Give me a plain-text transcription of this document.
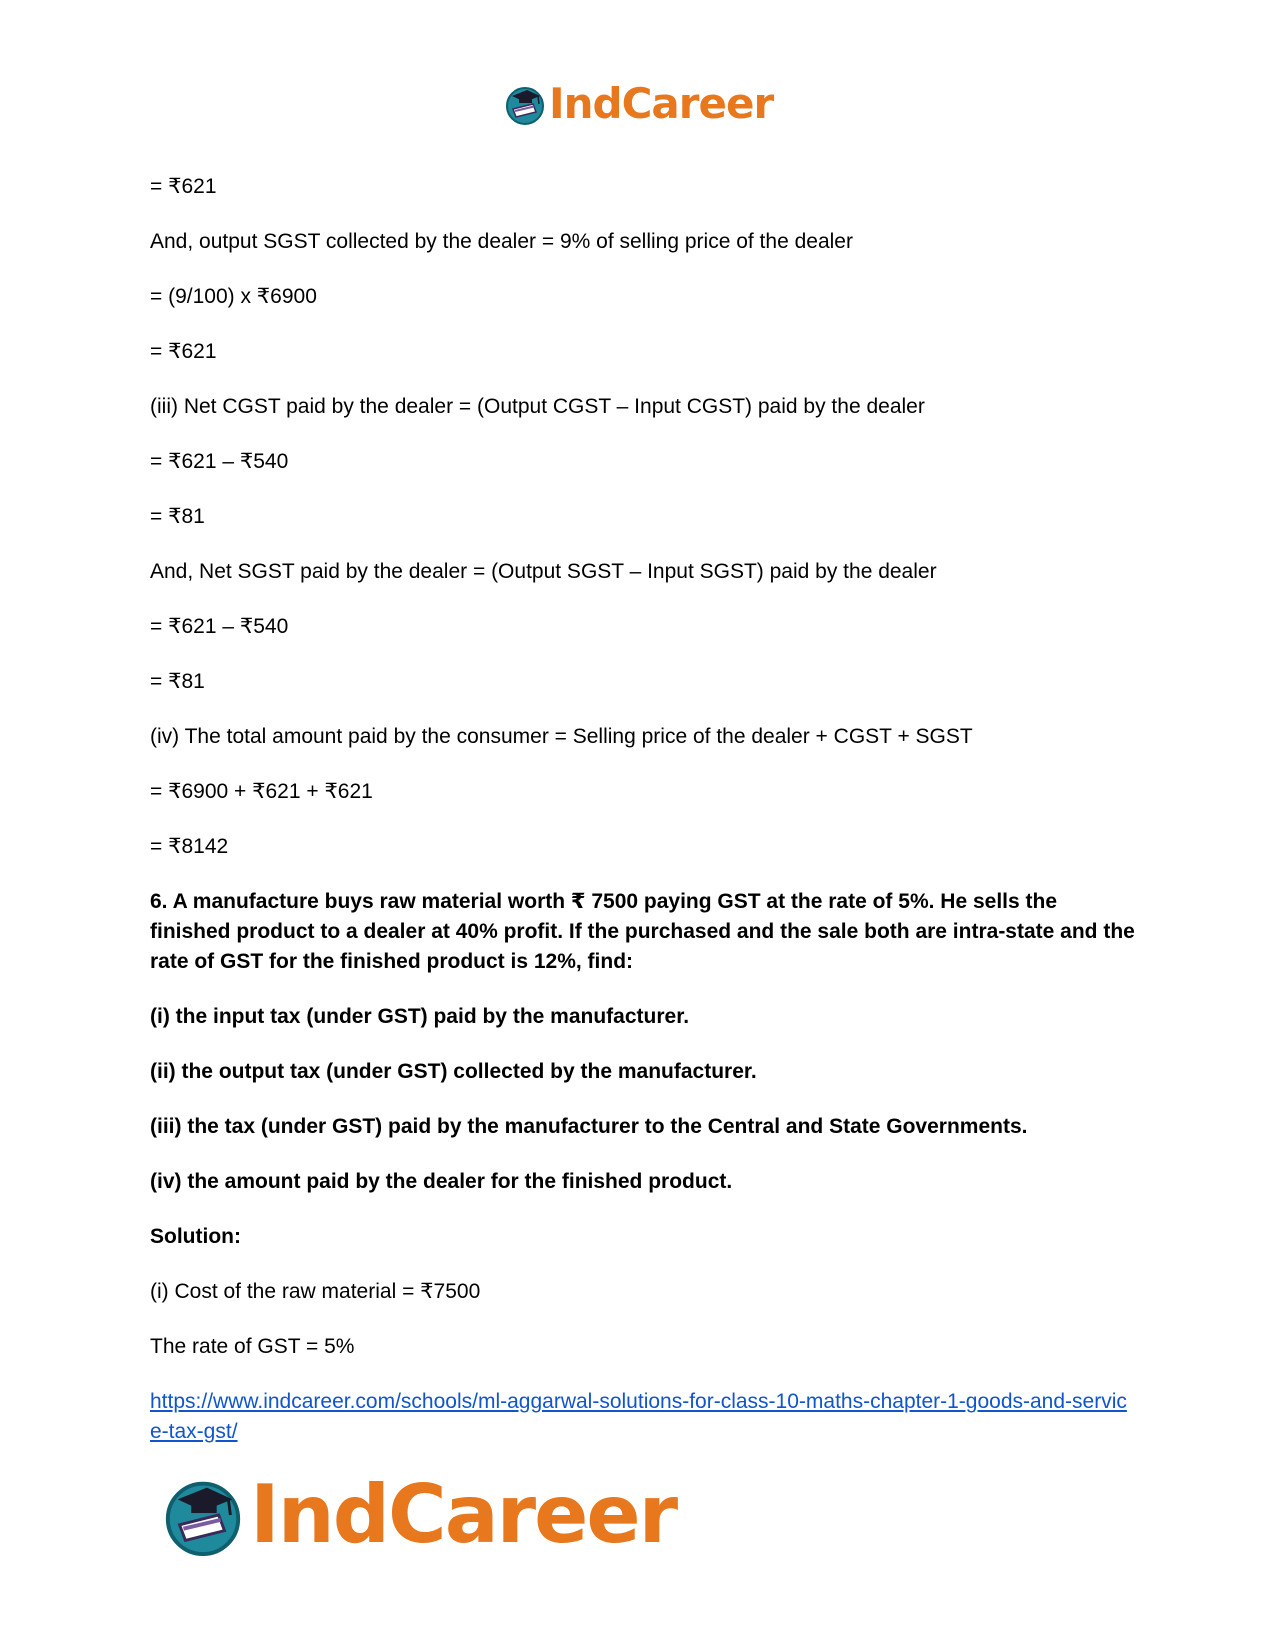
IndCareer

= ₹621

And, output SGST collected by the dealer = 9% of selling price of the dealer

= (9/100) x ₹6900

= ₹621

(iii) Net CGST paid by the dealer = (Output CGST – Input CGST) paid by the dealer

= ₹621 – ₹540

= ₹81

And, Net SGST paid by the dealer = (Output SGST – Input SGST) paid by the dealer

= ₹621 – ₹540

= ₹81

(iv) The total amount paid by the consumer = Selling price of the dealer + CGST + SGST

= ₹6900 + ₹621 + ₹621

= ₹8142

6. A manufacture buys raw material worth ₹ 7500 paying GST at the rate of 5%. He sells the finished product to a dealer at 40% profit. If the purchased and the sale both are intra-state and the rate of GST for the finished product is 12%, find:

(i) the input tax (under GST) paid by the manufacturer.

(ii) the output tax (under GST) collected by the manufacturer.

(iii) the tax (under GST) paid by the manufacturer to the Central and State Governments.

(iv) the amount paid by the dealer for the finished product.

Solution:

(i) Cost of the raw material = ₹7500

The rate of GST = 5%

https://www.indcareer.com/schools/ml-aggarwal-solutions-for-class-10-maths-chapter-1-goods-and-service-tax-gst/
IndCareer
